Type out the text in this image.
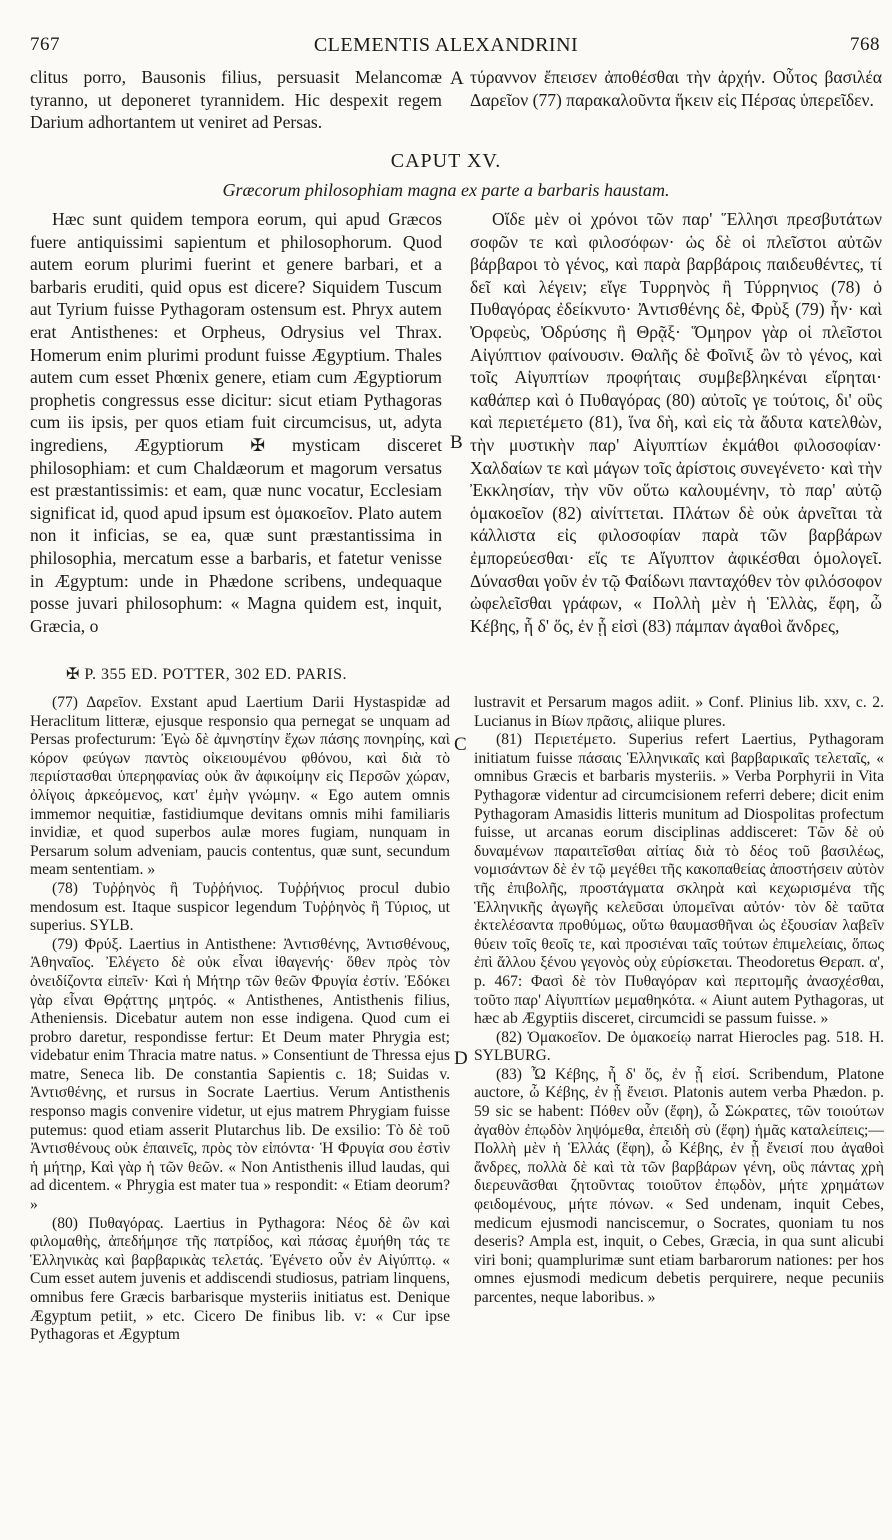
767	CLEMENTIS ALEXANDRINI	768
clitus porro, Bausonis filius, persuasit Melancomæ tyranno, ut deponeret tyrannidem. Hic despexit regem Darium adhortantem ut veniret ad Persas.
A τύραννον ἔπεισεν ἀποθέσθαι τὴν ἀρχήν. Οὗτος βασιλέα Δαρεῖον (77) παρακαλοῦντα ἥκειν εἰς Πέρσας ὑπερεῖδεν.
CAPUT XV.
Græcorum philosophiam magna ex parte a barbaris haustam.

Hæc sunt quidem tempora eorum, qui apud Græcos fuere antiquissimi sapientum et philosophorum. Quod autem eorum plurimi fuerint et genere barbari, et a barbaris eruditi, quid opus est dicere? Siquidem Tuscum aut Tyrium fuisse Pythagoram ostensum est. Phryx autem erat Antisthenes: et Orpheus, Odrysius vel Thrax. Homerum enim plurimi produnt fuisse Ægyptium. Thales autem cum esset Phœnix genere, etiam cum Ægyptiorum prophetis congressus esse dicitur: sicut etiam Pythagoras cum iis ipsis, per quos etiam fuit circumcisus, ut, adyta ingrediens, Ægyptiorum ✠ mysticam disceret philosophiam: et cum Chaldæorum et magorum versatus est præstantissimis: et eam, quæ nunc vocatur, Ecclesiam significat id, quod apud ipsum est ὁμακοεῖον. Plato autem non it inficias, se ea, quæ sunt præstantissima in philosophia, mercatum esse a barbaris, et fatetur venisse in Ægyptum: unde in Phædone scribens, undequaque posse juvari philosophum: « Magna quidem est, inquit, Græcia, o

B

Οἵδε μὲν οἱ χρόνοι τῶν παρ' Ἕλλησι πρεσβυτάτων σοφῶν τε καὶ φιλοσόφων· ὡς δὲ οἱ πλεῖστοι αὐτῶν βάρβαροι τὸ γένος, καὶ παρὰ βαρβάροις παιδευθέντες, τί δεῖ καὶ λέγειν; εἴγε Τυρρηνὸς ἢ Τύρρηνιος (78) ὁ Πυθαγόρας ἐδείκνυτο· Ἀντισθένης δὲ, Φρὺξ (79) ἦν· καὶ Ὀρφεὺς, Ὀδρύσης ἢ Θρᾷξ· Ὅμηρον γὰρ οἱ πλεῖστοι Αἰγύπτιον φαίνουσιν. Θαλῆς δὲ Φοῖνιξ ὢν τὸ γένος, καὶ τοῖς Αἰγυπτίων προφήταις συμβεβληκέναι εἴρηται· καθάπερ καὶ ὁ Πυθαγόρας (80) αὐτοῖς γε τούτοις, δι' οὓς καὶ περιετέμετο (81), ἵνα δὴ, καὶ εἰς τὰ ἄδυτα κατελθὼν, τὴν μυστικὴν παρ' Αἰγυπτίων ἐκμάθοι φιλοσοφίαν· Χαλδαίων τε καὶ μάγων τοῖς ἀρίστοις συνεγένετο· καὶ τὴν Ἐκκλησίαν, τὴν νῦν οὕτω καλουμένην, τὸ παρ' αὐτῷ ὁμακοεῖον (82) αἰνίττεται. Πλάτων δὲ οὐκ ἀρνεῖται τὰ κάλλιστα εἰς φιλοσοφίαν παρὰ τῶν βαρβάρων ἐμπορεύεσθαι· εἴς τε Αἴγυπτον ἀφικέσθαι ὁμολογεῖ. Δύνασθαι γοῦν ἐν τῷ Φαίδωνι πανταχόθεν τὸν φιλόσοφον ὠφελεῖσθαι γράφων, « Πολλὴ μὲν ἡ Ἑλλὰς, ἔφη, ὦ Κέβης, ἧ δ' ὅς, ἐν ᾗ εἰσὶ (83) πάμπαν ἀγαθοὶ ἄνδρες,

✠ P. 355 ED. POTTER, 302 ED. PARIS.

(77) Δαρεῖον. Exstant apud Laertium Darii Hystaspidæ ad Heraclitum litteræ, ejusque responsio qua pernegat se unquam ad Persas profecturum: Ἐγὼ δὲ ἀμνηστίην ἔχων πάσης πονηρίης, καὶ κόρον φεύγων παντὸς οἰκειουμένου φθόνου, καὶ διὰ τὸ περιίστασθαι ὑπερηφανίας οὐκ ἂν ἀφικοίμην εἰς Περσῶν χώραν, ὀλίγοις ἀρκεόμενος, κατ' ἐμὴν γνώμην. « Ego autem omnis immemor nequitiæ, fastidiumque devitans omnis mihi familiaris invidiæ, et quod superbos aulæ mores fugiam, nunquam in Persarum solum adveniam, paucis contentus, quæ sunt, secundum meam sententiam. »

(78) Τυῤῥηνὸς ἢ Τυῤῥήνιος. Τυῤῥήνιος procul dubio mendosum est. Itaque suspicor legendum Τυῤῥηνὸς ἢ Τύριος, ut superius. SYLB.

(79) Φρύξ. Laertius in Antisthene: Ἀντισθένης, Ἀντισθένους, Ἀθηναῖος. Ἐλέγετο δὲ οὐκ εἶναι ἰθαγενής· ὅθεν πρὸς τὸν ὀνειδίζοντα εἰπεῖν· Καὶ ἡ Μήτηρ τῶν θεῶν Φρυγία ἐστίν. Ἐδόκει γὰρ εἶναι Θρᾴττης μητρός. « Antisthenes, Antisthenis filius, Atheniensis. Dicebatur autem non esse indigena. Quod cum ei probro daretur, respondisse fertur: Et Deum mater Phrygia est; videbatur enim Thracia matre natus. » Consentiunt de Thressa ejus matre, Seneca lib. De constantia Sapientis c. 18; Suidas v. Ἀντισθένης, et rursus in Socrate Laertius. Verum Antisthenis responso magis convenire videtur, ut ejus matrem Phrygiam fuisse putemus: quod etiam asserit Plutarchus lib. De exsilio: Τὸ δὲ τοῦ Ἀντισθένους οὐκ ἐπαινεῖς, πρὸς τὸν εἰπόντα· Ἡ Φρυγία σου ἐστὶν ἡ μήτηρ, Καὶ γὰρ ἡ τῶν θεῶν. « Non Antisthenis illud laudas, qui ad dicentem. « Phrygia est mater tua » respondit: « Etiam deorum? »

(80) Πυθαγόρας. Laertius in Pythagora: Νέος δὲ ὢν καὶ φιλομαθὴς, ἀπεδήμησε τῆς πατρίδος, καὶ πάσας ἐμυήθη τάς τε Ἑλληνικὰς καὶ βαρβαρικὰς τελετάς. Ἐγένετο οὖν ἐν Αἰγύπτῳ. « Cum esset autem juvenis et addiscendi studiosus, patriam linquens, omnibus fere Græcis barbarisque mysteriis initiatus est. Denique Ægyptum petiit, » etc. Cicero De finibus lib. v: « Cur ipse Pythagoras et Ægyptum

C
D

lustravit et Persarum magos adiit. » Conf. Plinius lib. xxv, c. 2. Lucianus in Βίων πρᾶσις, aliique plures.

(81) Περιετέμετο. Superius refert Laertius, Pythagoram initiatum fuisse πάσαις Ἑλληνικαῖς καὶ βαρβαρικαῖς τελεταῖς, « omnibus Græcis et barbaris mysteriis. » Verba Porphyrii in Vita Pythagoræ videntur ad circumcisionem referri debere; dicit enim Pythagoram Amasidis litteris munitum ad Diospolitas profectum fuisse, ut arcanas eorum disciplinas addisceret: Τῶν δὲ οὐ δυναμένων παραιτεῖσθαι αἰτίας διὰ τὸ δέος τοῦ βασιλέως, νομισάντων δὲ ἐν τῷ μεγέθει τῆς κακοπαθείας ἀποστήσειν αὐτὸν τῆς ἐπιβολῆς, προστάγματα σκληρὰ καὶ κεχωρισμένα τῆς Ἑλληνικῆς ἀγωγῆς κελεῦσαι ὑπομεῖναι αὐτόν· τὸν δὲ ταῦτα ἐκτελέσαντα προθύμως, οὕτω θαυμασθῆναι ὡς ἐξουσίαν λαβεῖν θύειν τοῖς θεοῖς τε, καὶ προσιέναι ταῖς τούτων ἐπιμελείαις, ὅπως ἐπὶ ἄλλου ξένου γεγονὸς οὐχ εὑρίσκεται. Theodoretus Θεραπ. α', p. 467: Φασὶ δὲ τὸν Πυθαγόραν καὶ περιτομῆς ἀνασχέσθαι, τοῦτο παρ' Αἰγυπτίων μεμαθηκότα. « Aiunt autem Pythagoras, ut hæc ab Ægyptiis disceret, circumcidi se passum fuisse. »

(82) Ὁμακοεῖον. De ὁμακοείῳ narrat Hierocles pag. 518. H. SYLBURG.

(83) Ὦ Κέβης, ἧ δ' ὅς, ἐν ᾗ εἰσί. Scribendum, Platone auctore, ὦ Κέβης, ἐν ᾗ ἔνεισι. Platonis autem verba Phædon. p. 59 sic se habent: Πόθεν οὖν (ἔφη), ὦ Σώκρατες, τῶν τοιούτων ἀγαθὸν ἐπῳδὸν ληψόμεθα, ἐπειδὴ σὺ (ἔφη) ἡμᾶς καταλείπεις;— Πολλὴ μὲν ἡ Ἑλλάς (ἔφη), ὦ Κέβης, ἐν ᾗ ἔνεισί που ἀγαθοὶ ἄνδρες, πολλὰ δὲ καὶ τὰ τῶν βαρβάρων γένη, οὓς πάντας χρὴ διερευνᾶσθαι ζητοῦντας τοιοῦτον ἐπῳδὸν, μήτε χρημάτων φειδομένους, μήτε πόνων. « Sed undenam, inquit Cebes, medicum ejusmodi nanciscemur, o Socrates, quoniam tu nos deseris? Ampla est, inquit, o Cebes, Græcia, in qua sunt alicubi viri boni; quamplurimæ sunt etiam barbarorum nationes: per hos omnes ejusmodi medicum debetis perquirere, neque pecuniis parcentes, neque laboribus. »
